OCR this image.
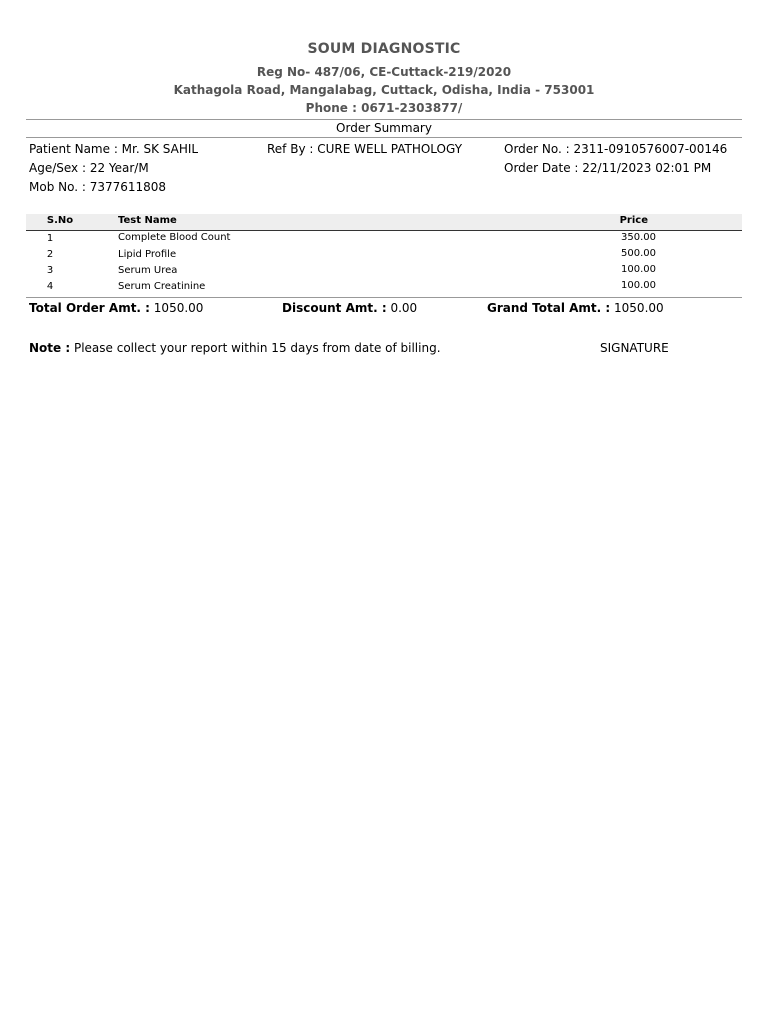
SOUM DIAGNOSTIC
Reg No- 487/06, CE-Cuttack-219/2020
Kathagola Road, Mangalabag, Cuttack, Odisha, India - 753001
Phone : 0671-2303877/
Order Summary
Patient Name : Mr. SK SAHIL
Age/Sex : 22 Year/M
Mob No. : 7377611808
Ref By : CURE WELL PATHOLOGY	Order No. : 2311-0910576007-00146
Order Date : 22/11/2023 02:01 PM
S.No	Test Name	Price
1	Complete Blood Count	350.00
2	Lipid Profile	500.00
3	Serum Urea	100.00
4	Serum Creatinine	100.00
Total Order Amt. : 1050.00	Discount Amt. : 0.00	Grand Total Amt. : 1050.00
Note : Please collect your report within 15 days from date of billing.	SIGNATURE
